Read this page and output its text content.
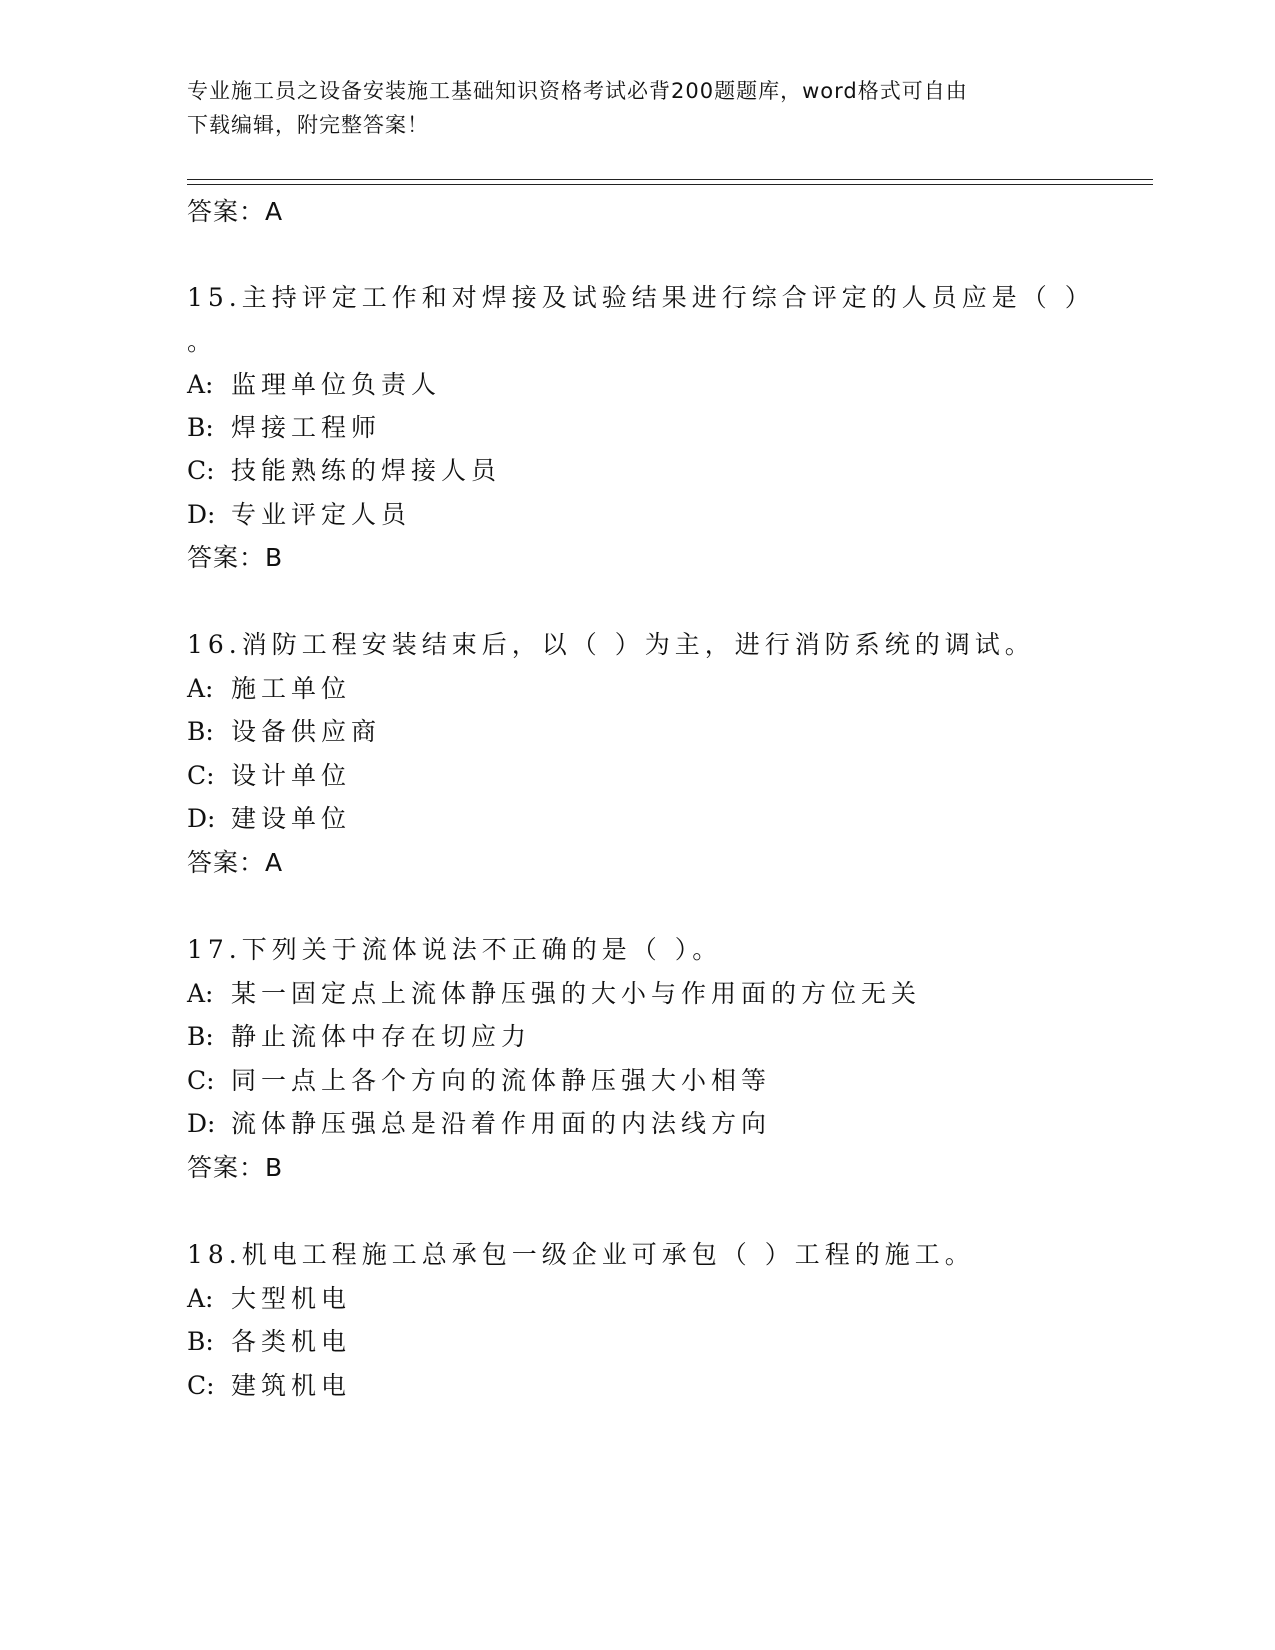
专业施工员之设备安装施工基础知识资格考试必背200题题库，word格式可自由
下载编辑，附完整答案！
答案：A
15.主持评定工作和对焊接及试验结果进行综合评定的人员应是（ ）
。
A: 监理单位负责人
B: 焊接工程师
C: 技能熟练的焊接人员
D: 专业评定人员
答案：B
16.消防工程安装结束后，以（ ）为主，进行消防系统的调试。
A: 施工单位
B: 设备供应商
C: 设计单位
D: 建设单位
答案：A
17.下列关于流体说法不正确的是（ ）。
A: 某一固定点上流体静压强的大小与作用面的方位无关
B: 静止流体中存在切应力
C: 同一点上各个方向的流体静压强大小相等
D: 流体静压强总是沿着作用面的内法线方向
答案：B
18.机电工程施工总承包一级企业可承包（ ）工程的施工。
A: 大型机电
B: 各类机电
C: 建筑机电
